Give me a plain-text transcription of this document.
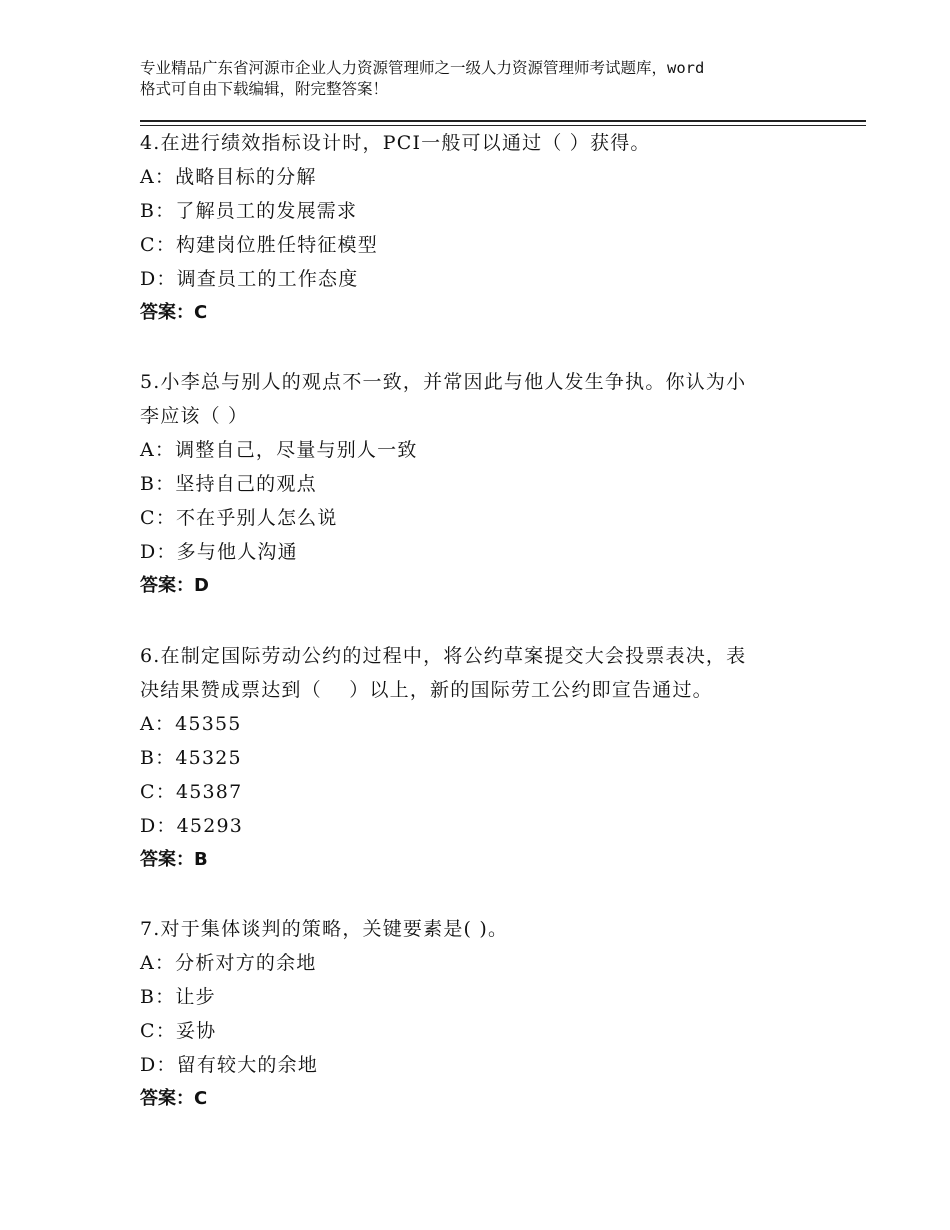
专业精品广东省河源市企业人力资源管理师之一级人力资源管理师考试题库，word
格式可自由下载编辑，附完整答案！
4.在进行绩效指标设计时，PCI一般可以通过（ ）获得。
A：战略目标的分解
B：了解员工的发展需求
C：构建岗位胜任特征模型
D：调查员工的工作态度
答案：C
5.小李总与别人的观点不一致，并常因此与他人发生争执。你认为小
李应该（ ）
A：调整自己，尽量与别人一致
B：坚持自己的观点
C：不在乎别人怎么说
D：多与他人沟通
答案：D
6.在制定国际劳动公约的过程中，将公约草案提交大会投票表决，表
决结果赞成票达到（　 ）以上，新的国际劳工公约即宣告通过。
A：45355
B：45325
C：45387
D：45293
答案：B
7.对于集体谈判的策略，关键要素是( )。
A：分析对方的余地
B：让步
C：妥协
D：留有较大的余地
答案：C
